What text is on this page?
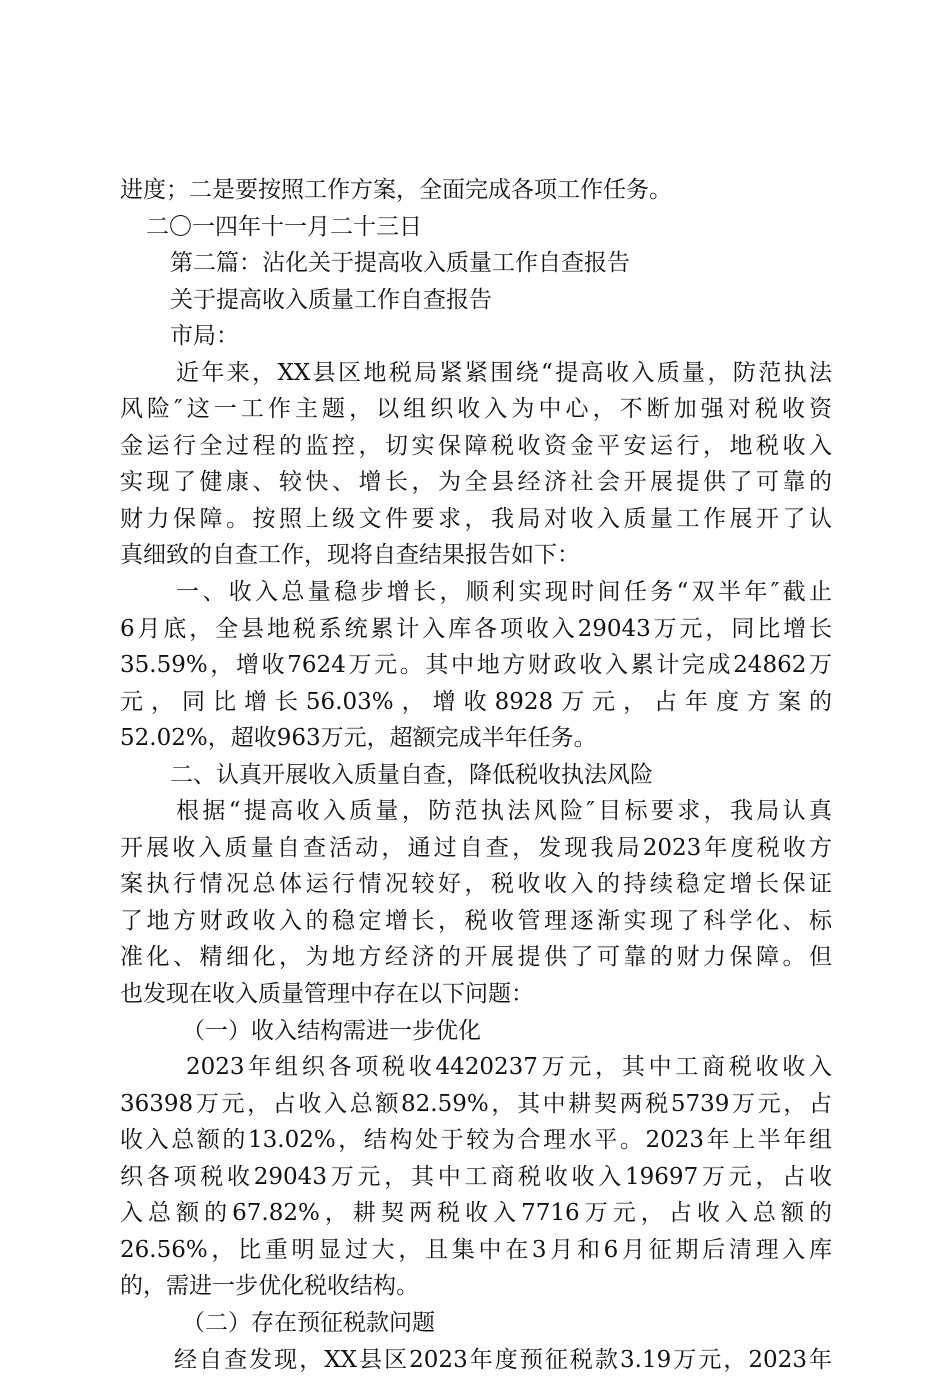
进度；二是要按照工作方案，全面完成各项工作任务。
二〇一四年十一月二十三日
第二篇：沾化关于提高收入质量工作自查报告
关于提高收入质量工作自查报告
市局：
近年来，XX县区地税局紧紧围绕“提高收入质量，防范执法
风险″这一工作主题，以组织收入为中心，不断加强对税收资
金运行全过程的监控，切实保障税收资金平安运行，地税收入
实现了健康、较快、增长，为全县经济社会开展提供了可靠的
财力保障。按照上级文件要求，我局对收入质量工作展开了认
真细致的自查工作，现将自查结果报告如下：
一、收入总量稳步增长，顺利实现时间任务“双半年″截止
6月底，全县地税系统累计入库各项收入29043万元，同比增长
35.59%，增收7624万元。其中地方财政收入累计完成24862万
元，同比增长56.03%，增收8928万元，占年度方案的
52.02%，超收963万元，超额完成半年任务。
二、认真开展收入质量自查，降低税收执法风险
根据“提高收入质量，防范执法风险″目标要求，我局认真
开展收入质量自查活动，通过自查，发现我局2023年度税收方
案执行情况总体运行情况较好，税收收入的持续稳定增长保证
了地方财政收入的稳定增长，税收管理逐渐实现了科学化、标
准化、精细化，为地方经济的开展提供了可靠的财力保障。但
也发现在收入质量管理中存在以下问题：
（一）收入结构需进一步优化
2023年组织各项税收4420237万元，其中工商税收收入
36398万元，占收入总额82.59%，其中耕契两税5739万元，占
收入总额的13.02%，结构处于较为合理水平。2023年上半年组
织各项税收29043万元，其中工商税收收入19697万元，占收
入总额的67.82%，耕契两税收入7716万元，占收入总额的
26.56%，比重明显过大，且集中在3月和6月征期后清理入库
的，需进一步优化税收结构。
（二）存在预征税款问题
经自查发现，XX县区2023年度预征税款3.19万元，2023年
